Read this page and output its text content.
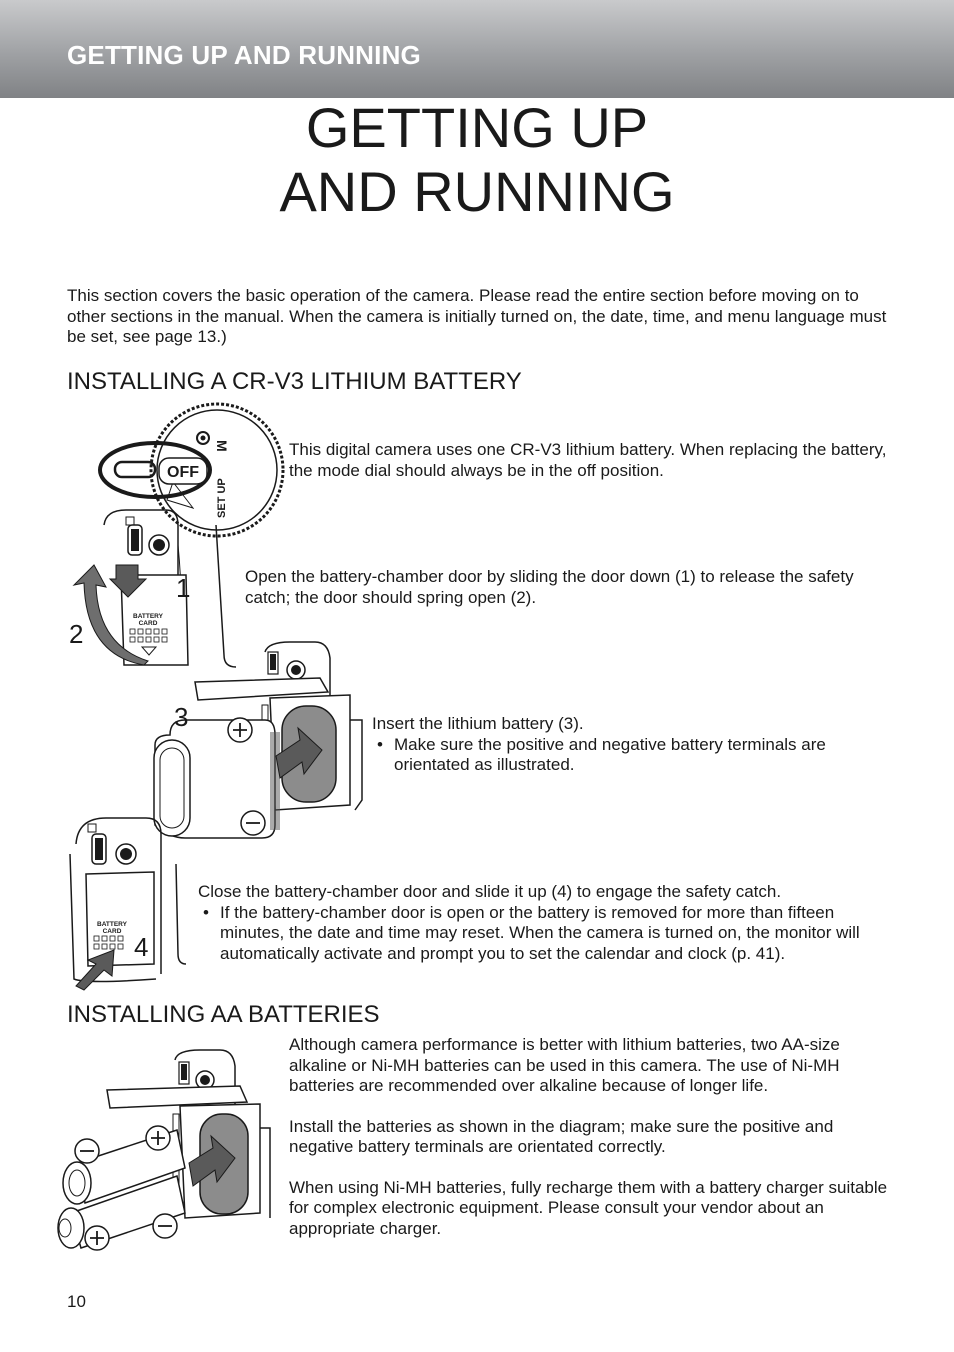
GETTING UP AND RUNNING
GETTING UP
AND RUNNING
This section covers the basic operation of the camera. Please read the entire section before moving on to other sections in the manual. When the camera is initially turned on, the date, time, and menu language must be set, see page 13.)
INSTALLING A CR-V3 LITHIUM BATTERY
OFF
SET UP
M	This digital camera uses one CR-V3 lithium battery. When replacing the battery, the mode dial should always be in the off position.
BATTERY
CARD
1
2
Open the battery-chamber door by sliding the door down (1) to release the safety catch; the door should spring open (2).
3	Insert the lithium battery (3).
• Make sure the positive and negative battery terminals are orientated as illustrated.
BATTERY
CARD
4
Close the battery-chamber door and slide it up (4) to engage the safety catch.
• If the battery-chamber door is open or the battery is removed for more than fifteen minutes, the date and time may reset. When the camera is turned on, the monitor will automatically activate and prompt you to set the calendar and clock (p. 41).
INSTALLING AA BATTERIES
Although camera performance is better with lithium batteries, two AA-size alkaline or Ni-MH batteries can be used in this camera. The use of Ni-MH batteries are recommended over alkaline because of longer life.
Install the batteries as shown in the diagram; make sure the positive and negative battery terminals are orientated correctly.
When using Ni-MH batteries, fully recharge them with a battery charger suitable for complex electronic equipment. Please consult your vendor about an appropriate charger.
10
